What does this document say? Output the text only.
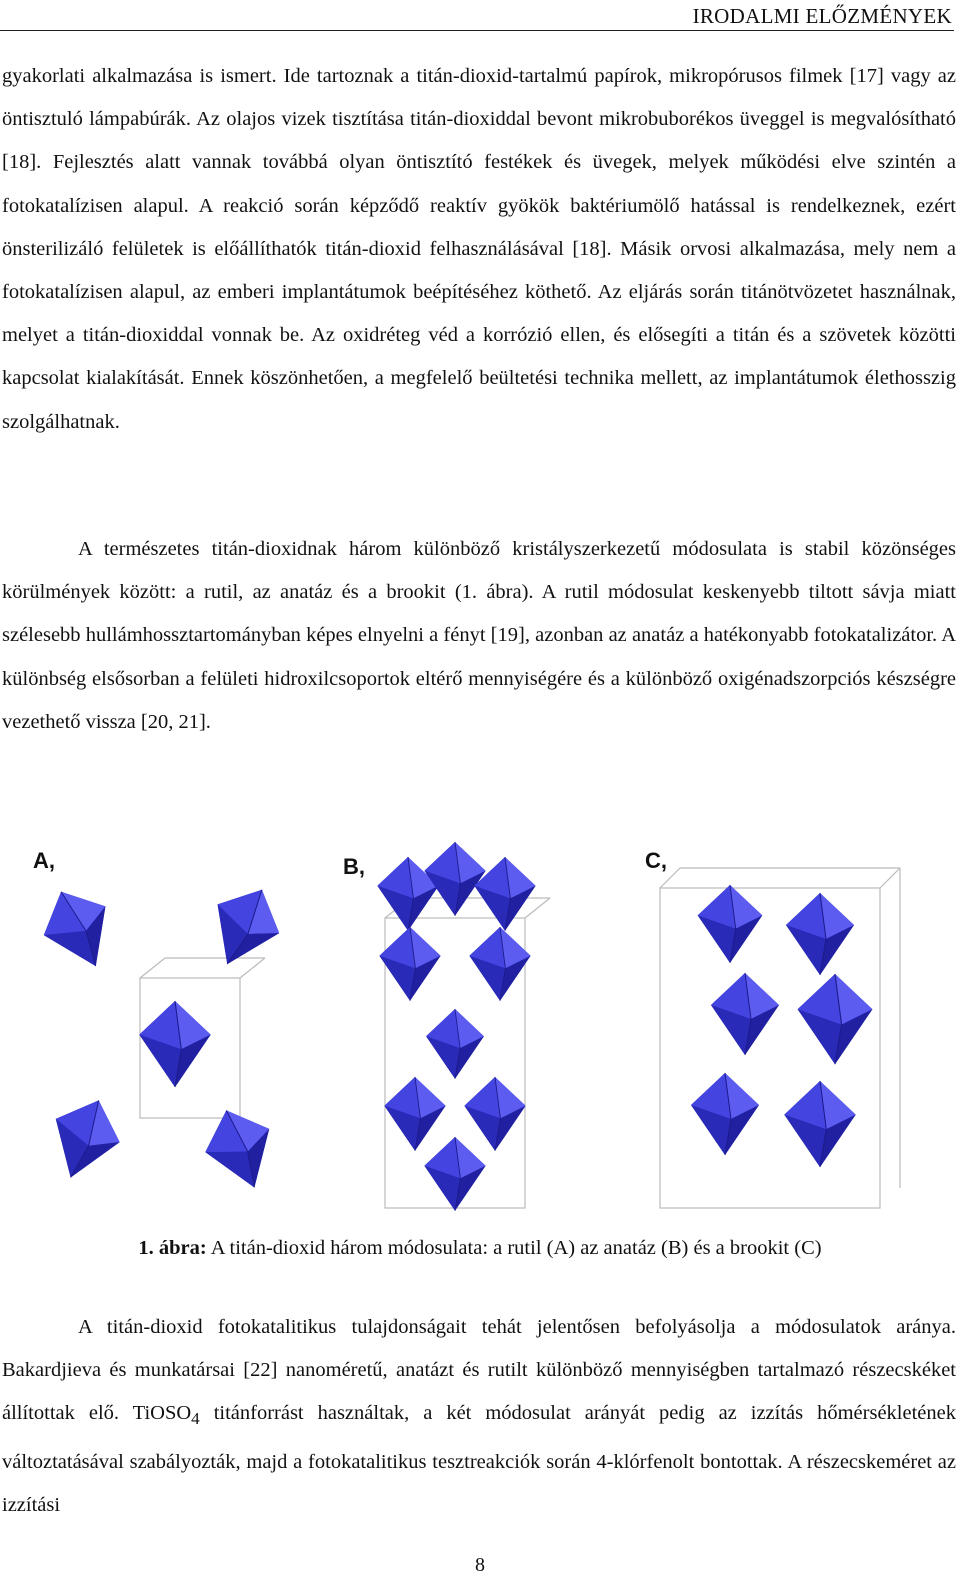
IRODALMI ELŐZMÉNYEK

gyakorlati alkalmazása is ismert. Ide tartoznak a titán-dioxid-tartalmú papírok, mikropórusos filmek [17] vagy az öntisztuló lámpabúrák. Az olajos vizek tisztítása titán-dioxiddal bevont mikrobuborékos üveggel is megvalósítható [18]. Fejlesztés alatt vannak továbbá olyan öntisztító festékek és üvegek, melyek működési elve szintén a fotokatalízisen alapul. A reakció során képződő reaktív gyökök baktériumölő hatással is rendelkeznek, ezért önsterilizáló felületek is előállíthatók titán-dioxid felhasználásával [18]. Másik orvosi alkalmazása, mely nem a fotokatalízisen alapul, az emberi implantátumok beépítéséhez köthető. Az eljárás során titánötvözetet használnak, melyet a titán-dioxiddal vonnak be. Az oxidréteg véd a korrózió ellen, és elősegíti a titán és a szövetek közötti kapcsolat kialakítását. Ennek köszönhetően, a megfelelő beültetési technika mellett, az implantátumok élethosszig szolgálhatnak.

A természetes titán-dioxidnak három különböző kristályszerkezetű módosulata is stabil közönséges körülmények között: a rutil, az anatáz és a brookit (1. ábra). A rutil módosulat keskenyebb tiltott sávja miatt szélesebb hullámhossztartományban képes elnyelni a fényt [19], azonban az anatáz a hatékonyabb fotokatalizátor. A különbség elsősorban a felületi hidroxilcsoportok eltérő mennyiségére és a különböző oxigénadszorpciós készségre vezethető vissza [20, 21].

A,	B,	C,
1. ábra: A titán-dioxid három módosulata: a rutil (A) az anatáz (B) és a brookit (C)

A titán-dioxid fotokatalitikus tulajdonságait tehát jelentősen befolyásolja a módosulatok aránya. Bakardjieva és munkatársai [22] nanoméretű, anatázt és rutilt különböző mennyiségben tartalmazó részecskéket állítottak elő. TiOSO$_4$ titánforrást használtak, a két módosulat arányát pedig az izzítás hőmérsékletének változtatásával szabályozták, majd a fotokatalitikus tesztreakciók során 4-klórfenolt bontottak. A részecskeméret az izzítási

8
